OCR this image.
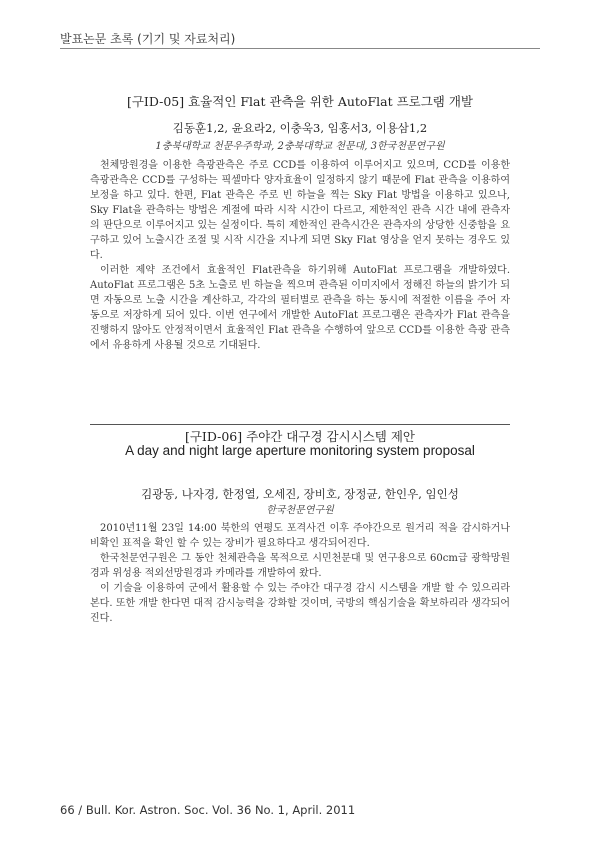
발표논문 초록 (기기 및 자료처리)
[구ID-05] 효율적인 Flat 관측을 위한 AutoFlat 프로그램 개발
김동훈1,2, 윤요라2, 이충욱3, 임홍서3, 이용삼1,2
1충북대학교 천문우주학과, 2충북대학교 천문대, 3한국천문연구원

천체망원경을 이용한 측광관측은 주로 CCD를 이용하여 이루어지고 있으며, CCD를 이용한 측광관측은 CCD를 구성하는 픽셀마다 양자효율이 일정하지 않기 때문에 Flat 관측을 이용하여 보정을 하고 있다. 한편, Flat 관측은 주로 빈 하늘을 찍는 Sky Flat 방법을 이용하고 있으나, Sky Flat을 관측하는 방법은 계절에 따라 시작 시간이 다르고, 제한적인 관측 시간 내에 관측자의 판단으로 이루어지고 있는 실정이다. 특히 제한적인 관측시간은 관측자의 상당한 신중함을 요구하고 있어 노출시간 조절 및 시작 시간을 지나게 되면 Sky Flat 영상을 얻지 못하는 경우도 있다.

이러한 제약 조건에서 효율적인 Flat관측을 하기위해 AutoFlat 프로그램을 개발하였다. AutoFlat 프로그램은 5초 노출로 빈 하늘을 찍으며 관측된 이미지에서 정해진 하늘의 밝기가 되면 자동으로 노출 시간을 계산하고, 각각의 필터별로 관측을 하는 동시에 적절한 이름을 주어 자동으로 저장하게 되어 있다. 이번 연구에서 개발한 AutoFlat 프로그램은 관측자가 Flat 관측을 진행하지 않아도 안정적이면서 효율적인 Flat 관측을 수행하여 앞으로 CCD를 이용한 측광 관측에서 유용하게 사용될 것으로 기대된다.

[구ID-06] 주야간 대구경 감시시스템 제안
A day and night large aperture monitoring system proposal
김광동, 나자경, 한정열, 오세진, 장비호, 장정균, 한인우, 임인성
한국천문연구원

2010년11월 23일 14:00 북한의 연평도 포격사건 이후 주야간으로 원거리 적을 감시하거나 비확인 표적을 확인 할 수 있는 장비가 필요하다고 생각되어진다.

한국천문연구원은 그 동안 천체관측을 목적으로 시민천문대 및 연구용으로 60cm급 광학망원경과 위성용 적외선망원경과 카메라를 개발하여 왔다.

이 기술을 이용하여 군에서 활용할 수 있는 주야간 대구경 감시 시스템을 개발 할 수 있으리라 본다. 또한 개발 한다면 대적 감시능력을 강화할 것이며, 국방의 핵심기술을 확보하리라 생각되어진다.

66 / Bull. Kor. Astron. Soc. Vol. 36 No. 1, April. 2011
